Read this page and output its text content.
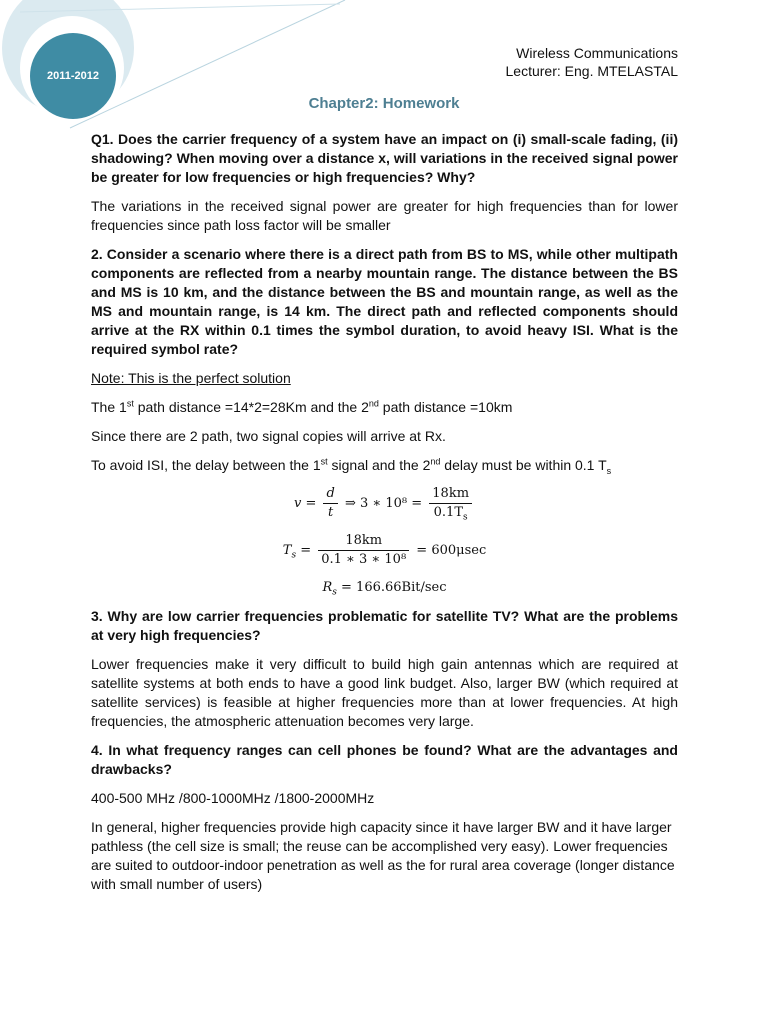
2011-2012
Wireless Communications
Lecturer: Eng. MTELASTAL
Chapter2: Homework

Q1. Does the carrier frequency of a system have an impact on (i) small-scale fading, (ii) shadowing? When moving over a distance x, will variations in the received signal power be greater for low frequencies or high frequencies? Why?

The variations in the received signal power are greater for high frequencies than for lower frequencies since path loss factor will be smaller

2. Consider a scenario where there is a direct path from BS to MS, while other multipath components are reflected from a nearby mountain range. The distance between the BS and MS is 10 km, and the distance between the BS and mountain range, as well as the MS and mountain range, is 14 km. The direct path and reflected components should arrive at the RX within 0.1 times the symbol duration, to avoid heavy ISI. What is the required symbol rate?

Note: This is the perfect solution

The 1st path distance =14*2=28Km and the 2nd path distance =10km

Since there are 2 path, two signal copies will arrive at Rx.

To avoid ISI, the delay between the 1st signal and the 2nd delay must be within 0.1 $T_s$

$v = \frac{d}{t}$ ⇒ 3 ∗ $10^8 = \frac{18km}{0.1T_s}$
$T_s = \frac{18km}{\text{0.1 ∗ 3 ∗ 10⁸}} = 600\mu\sec$
$R_s = 166.66Bit/\sec$

3. Why are low carrier frequencies problematic for satellite TV? What are the problems at very high frequencies?

Lower frequencies make it very difficult to build high gain antennas which are required at satellite systems at both ends to have a good link budget. Also, larger BW (which required at satellite services) is feasible at higher frequencies more than at lower frequencies. At high frequencies, the atmospheric attenuation becomes very large.

4. In what frequency ranges can cell phones be found? What are the advantages and drawbacks?

400-500 MHz /800-1000MHz /1800-2000MHz

In general, higher frequencies provide high capacity since it have larger BW and it have larger pathless (the cell size is small; the reuse can be accomplished very easy). Lower frequencies are suited to outdoor-indoor penetration as well as the for rural area coverage (longer distance with small number of users)
